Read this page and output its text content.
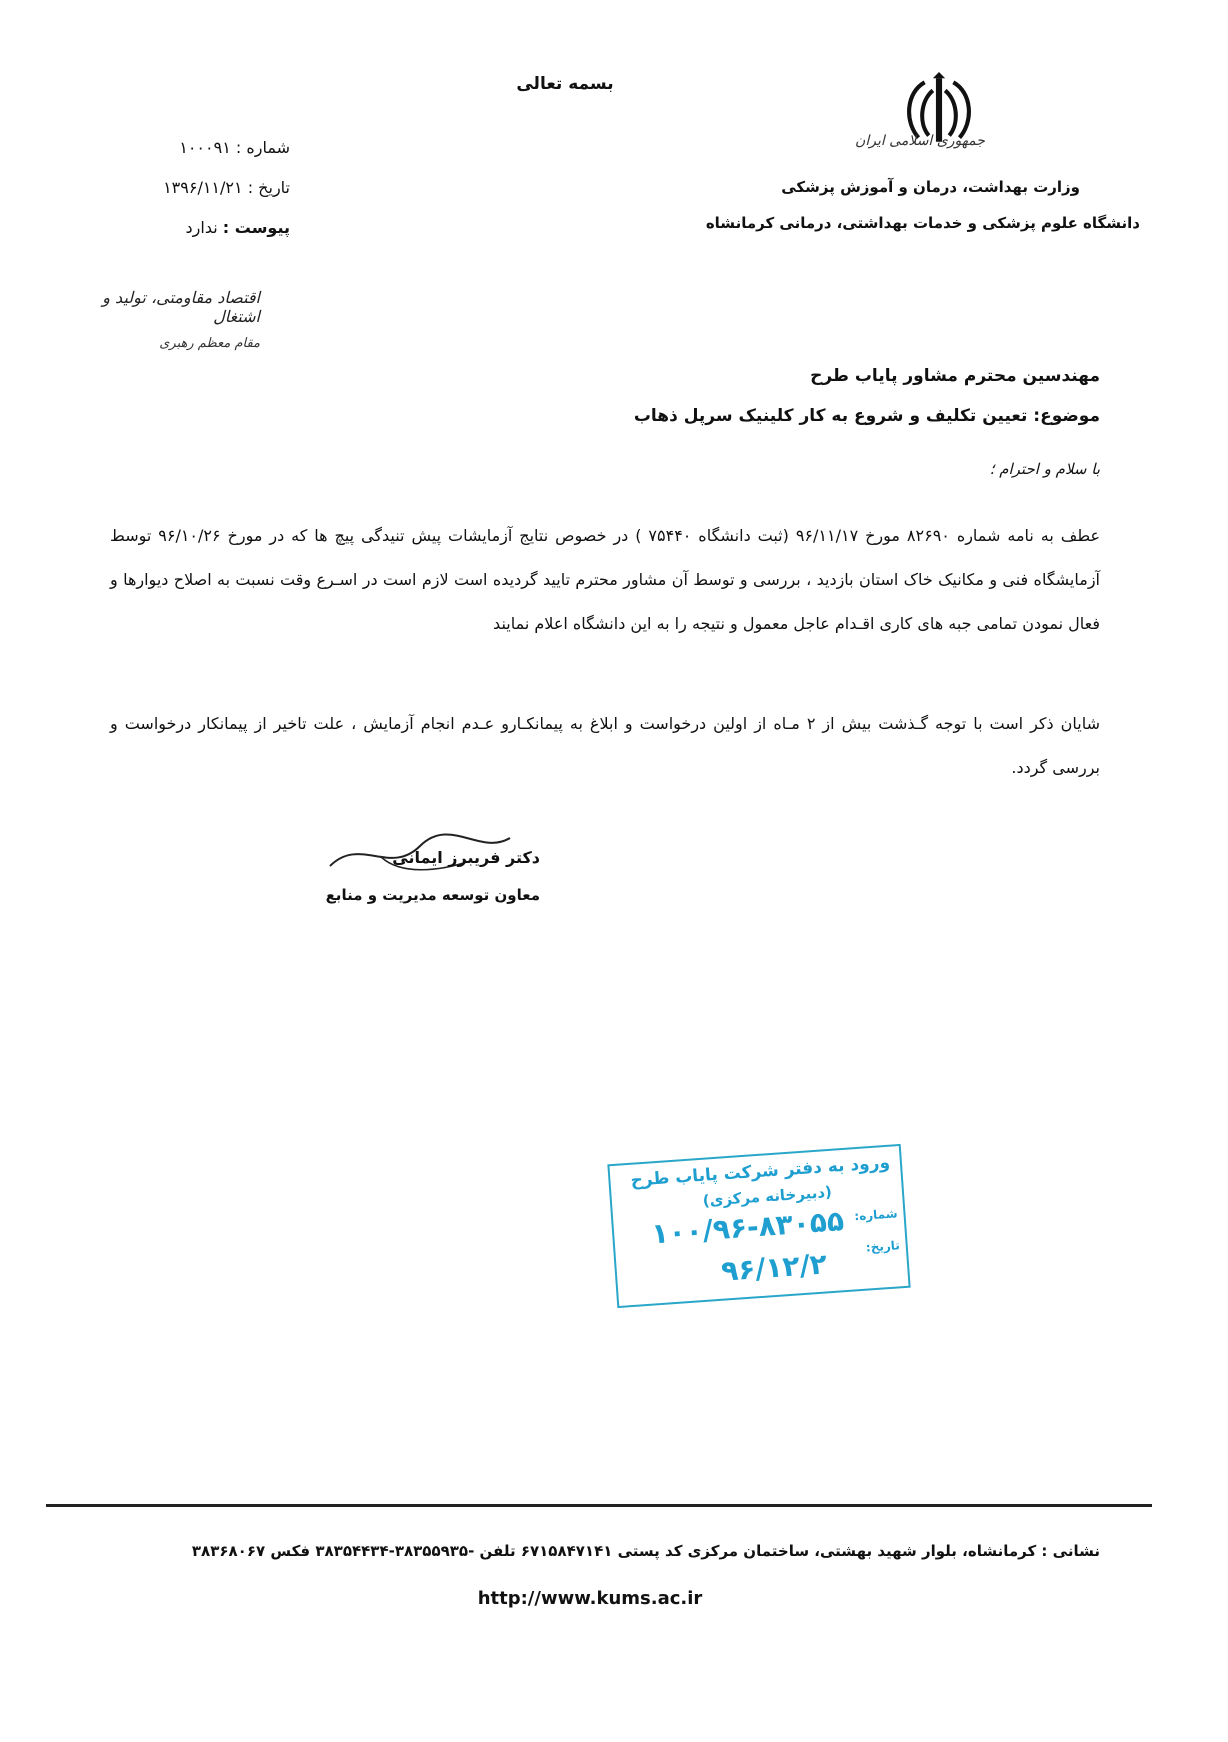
بسمه تعالی
جمهوری اسلامی ایران
وزارت بهداشت، درمان و آموزش پزشکی
دانشگاه علوم پزشکی و خدمات بهداشتی، درمانی کرمانشاه
شماره : ۱۰۰۰۹۱
تاریخ : ۱۳۹۶/۱۱/۲۱
پیوست : ندارد
اقتصاد مقاومتی، تولید و اشتغال
مقام معظم رهبری
مهندسین محترم مشاور پایاب طرح
موضوع: تعیین تکلیف و شروع به کار کلینیک سرپل ذهاب
با سلام و احترام ؛
عطف به نامه شماره ۸۲۶۹۰ مورخ ۹۶/۱۱/۱۷ (ثبت دانشگاه ۷۵۴۴۰ ) در خصوص نتایج آزمایشات پیش تنیدگی پیچ ها که در مورخ ۹۶/۱۰/۲۶ توسط آزمایشگاه فنی و مکانیک خاک استان بازدید ، بررسی و توسط آن مشاور محترم تایید گردیده است لازم است در اسـرع وقت نسبت به اصلاح دیوارها و فعال نمودن تمامی جبه های کاری اقـدام عاجل معمول و نتیجه را به این دانشگاه اعلام نمایند
شایان ذکر است با توجه گـذشت بیش از ۲ مـاه از اولین درخواست و ابلاغ به پیمانکـارو عـدم انجام آزمایش ، علت تاخیر از پیمانکار درخواست و بررسی گردد.
دکتر فریبرز ایمانی
معاون توسعه مدیریت و منابع
ورود به دفتر شرکت پایاب طرح
(دبیرخانه مرکزی)
شماره:
۱۰۰/۹۶-۸۳۰۵۵ تاریخ:
۹۶/۱۲/۲
نشانی : کرمانشاه، بلوار شهید بهشتی، ساختمان مرکزی کد پستی ۶۷۱۵۸۴۷۱۴۱ تلفن -۳۸۳۵۵۹۳۵-۳۸۳۵۴۴۳۴ فکس ۳۸۳۶۸۰۶۷
http://www.kums.ac.ir
